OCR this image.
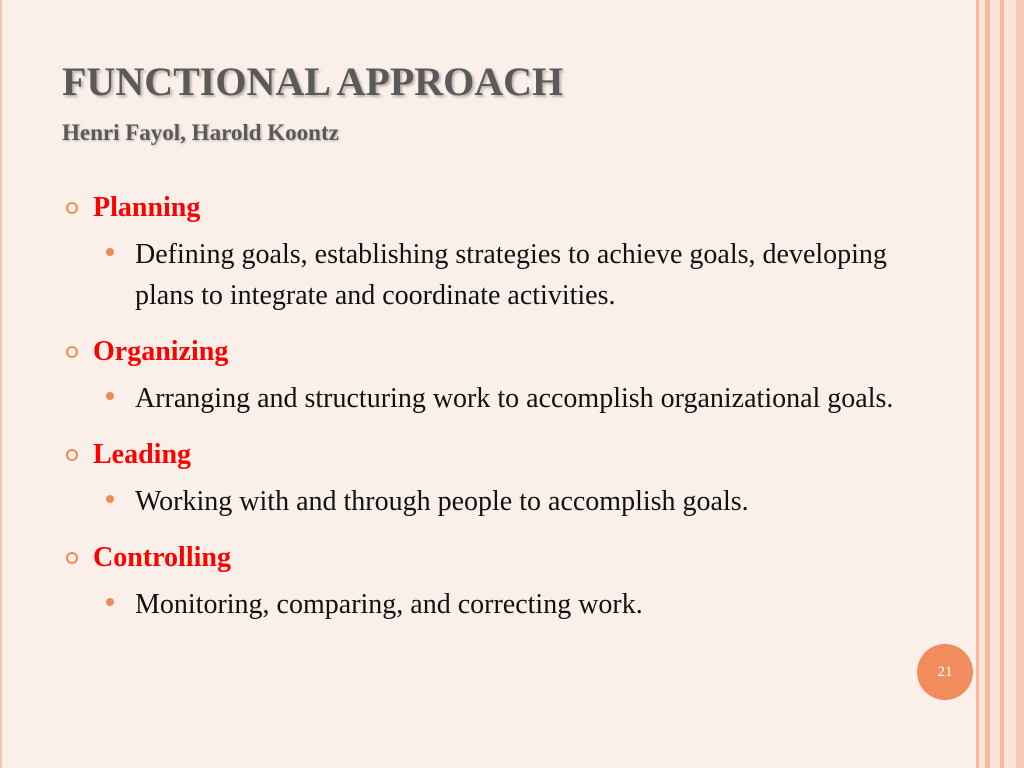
FUNCTIONAL APPROACH
Henri Fayol, Harold Koontz
Planning
Defining goals, establishing strategies to achieve goals, developing plans to integrate and coordinate activities.
Organizing
Arranging and structuring work to accomplish organizational goals.
Leading
Working with and through people to accomplish goals.
Controlling
Monitoring, comparing, and correcting work.
21
